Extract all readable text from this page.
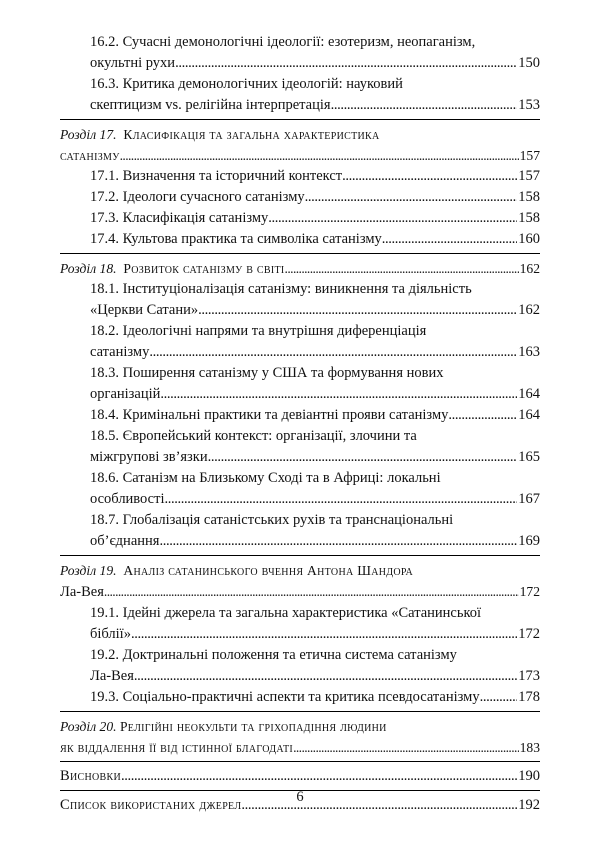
16.2. Сучасні демонологічні ідеології: езотеризм, неопаганізм,
окультні рухи . . .	150
16.3. Критика демонологічних ідеологій: науковий
скептицизм vs. релігійна інтерпретація . . .	153
Розділ 17. Класифікація та загальна характеристика
сатанізму . . .	157
17.1. Визначення та історичний контекст . . .	157
17.2. Ідеологи сучасного сатанізму . . .	158
17.3. Класифікація сатанізму . . .	158
17.4. Культова практика та символіка сатанізму . . .	160
Розділ 18. Розвиток сатанізму в світі . . .	162
18.1. Інституціоналізація сатанізму: виникнення та діяльність
«Церкви Сатани» . . .	162
18.2. Ідеологічні напрями та внутрішня диференціація
сатанізму . . .	163
18.3. Поширення сатанізму у США та формування нових
організацій . . .	164
18.4. Кримінальні практики та девіантні прояви сатанізму . . .	164
18.5. Європейський контекст: організації, злочини та
міжгрупові зв’язки . . .	165
18.6. Сатанізм на Близькому Сході та в Африці: локальні
особливості . . .	167
18.7. Глобалізація сатаністських рухів та транснаціональні
об’єднання . . .	169
Розділ 19. Аналіз сатанинського вчення Антона Шандора
Ла-Вея . . .	172
19.1. Ідейні джерела та загальна характеристика «Сатанинської
біблії» . . .	172
19.2. Доктринальні положення та етична система сатанізму
Ла-Вея . . .	173
19.3. Соціально-практичні аспекти та критика псевдосатанізму . . .	178
Розділ 20. Релігійні неокульти та гріхопадіння людини
як віддалення її від істинної благодаті . . .	183
Висновки . . .	190
Список використаних джерел . . .	192
6
